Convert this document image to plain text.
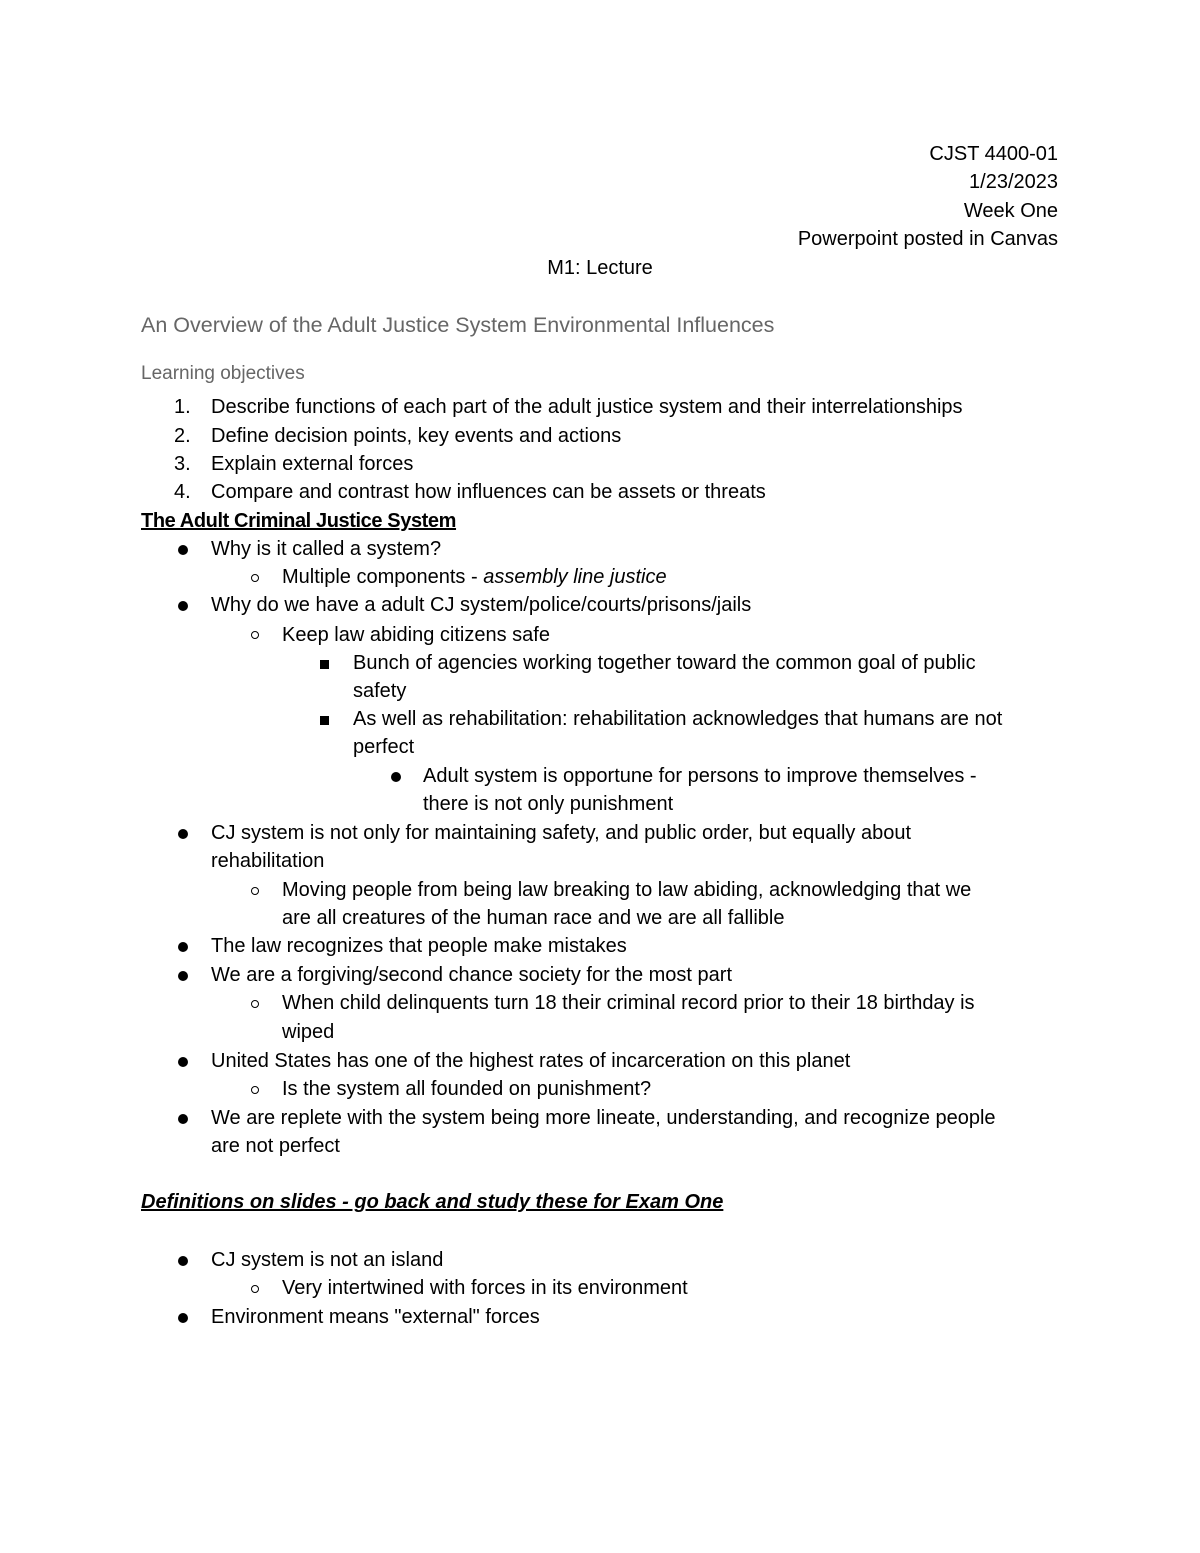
CJST 4400-01
1/23/2023
Week One
Powerpoint posted in Canvas
M1: Lecture
An Overview of the Adult Justice System Environmental Influences
Learning objectives
1. Describe functions of each part of the adult justice system and their interrelationships
2. Define decision points, key events and actions
3. Explain external forces
4. Compare and contrast how influences can be assets or threats
The Adult Criminal Justice System
Why is it called a system?
Multiple components - assembly line justice
Why do we have a adult CJ system/police/courts/prisons/jails
Keep law abiding citizens safe
Bunch of agencies working together toward the common goal of public
safety
As well as rehabilitation: rehabilitation acknowledges that humans are not
perfect
Adult system is opportune for persons to improve themselves -
there is not only punishment
CJ system is not only for maintaining safety, and public order, but equally about
rehabilitation
Moving people from being law breaking to law abiding, acknowledging that we
are all creatures of the human race and we are all fallible
The law recognizes that people make mistakes
We are a forgiving/second chance society for the most part
When child delinquents turn 18 their criminal record prior to their 18 birthday is
wiped
United States has one of the highest rates of incarceration on this planet
Is the system all founded on punishment?
We are replete with the system being more lineate, understanding, and recognize people
are not perfect
Definitions on slides - go back and study these for Exam One
CJ system is not an island
Very intertwined with forces in its environment
Environment means "external" forces
